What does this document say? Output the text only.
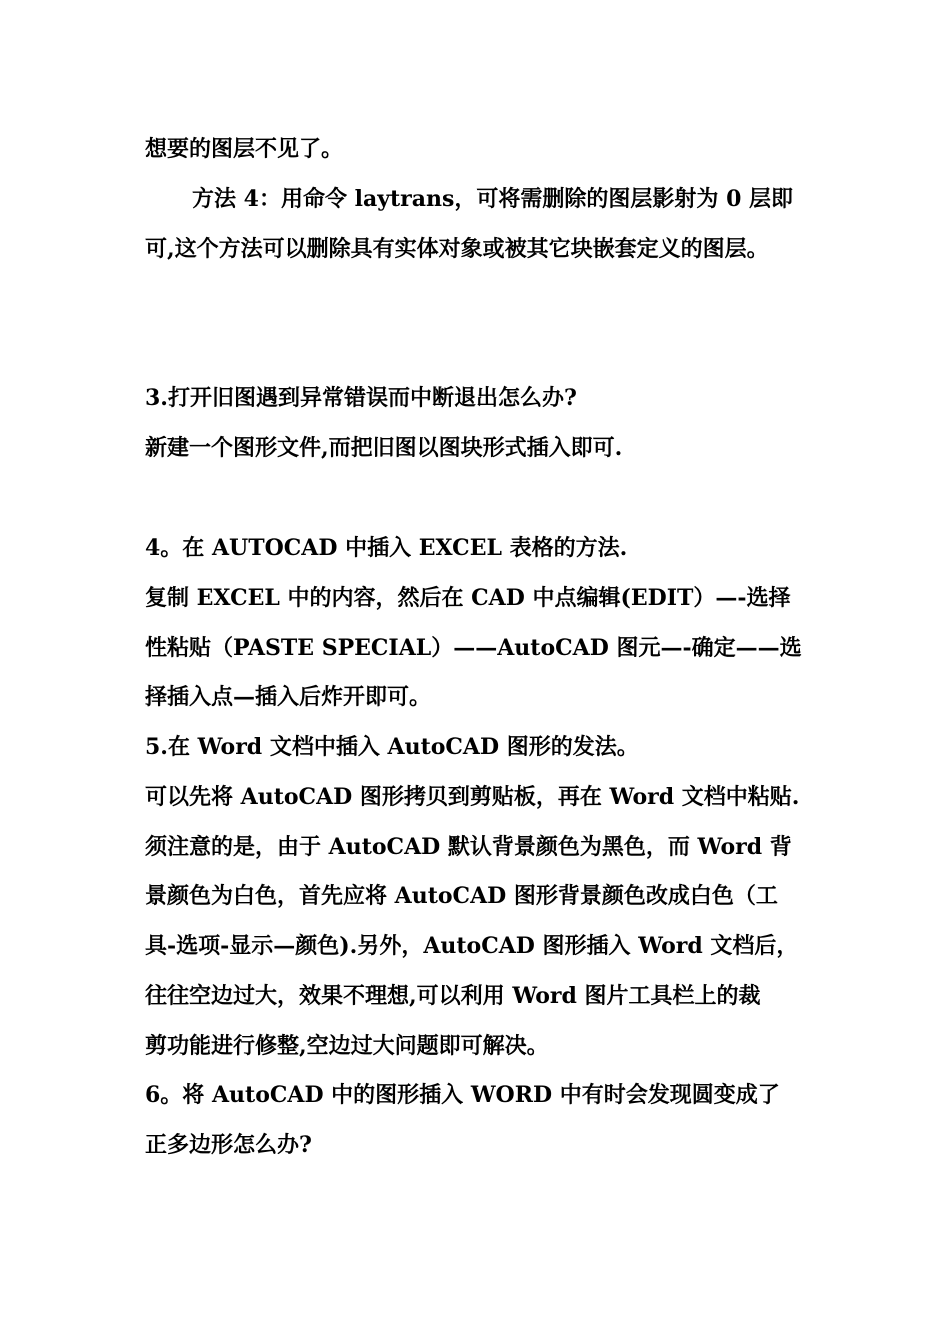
想要的图层不见了。
方法 4：用命令 laytrans，可将需删除的图层影射为 0 层即
可,这个方法可以删除具有实体对象或被其它块嵌套定义的图层。
3.打开旧图遇到异常错误而中断退出怎么办?
新建一个图形文件,而把旧图以图块形式插入即可.
4。在 AUTOCAD 中插入 EXCEL 表格的方法.
复制 EXCEL 中的内容，然后在 CAD 中点编辑(EDIT）—-选择
性粘贴（PASTE SPECIAL）——AutoCAD 图元—-确定——选
择插入点—插入后炸开即可。
5.在 Word 文档中插入 AutoCAD 图形的发法。
可以先将 AutoCAD 图形拷贝到剪贴板，再在 Word 文档中粘贴.
须注意的是，由于 AutoCAD 默认背景颜色为黑色，而 Word 背
景颜色为白色，首先应将 AutoCAD 图形背景颜色改成白色（工
具-选项-显示—颜色).另外，AutoCAD 图形插入 Word 文档后，
往往空边过大，效果不理想,可以利用 Word 图片工具栏上的裁
剪功能进行修整,空边过大问题即可解决。
6。将 AutoCAD 中的图形插入 WORD 中有时会发现圆变成了
正多边形怎么办?
